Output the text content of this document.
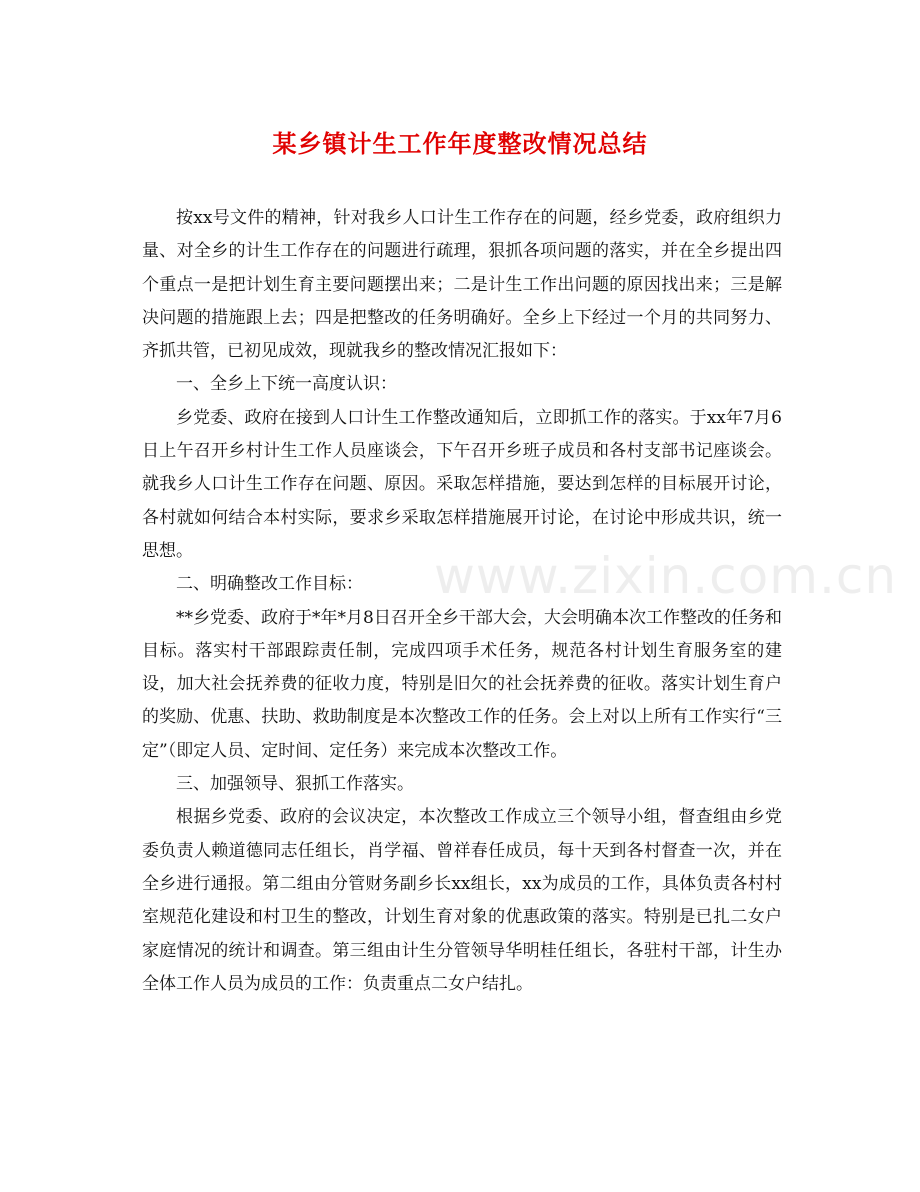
某乡镇计生工作年度整改情况总结

按xx号文件的精神，针对我乡人口计生工作存在的问题，经乡党委，政府组织力量、对全乡的计生工作存在的问题进行疏理，狠抓各项问题的落实，并在全乡提出四个重点一是把计划生育主要问题摆出来；二是计生工作出问题的原因找出来；三是解决问题的措施跟上去；四是把整改的任务明确好。全乡上下经过一个月的共同努力、齐抓共管，已初见成效，现就我乡的整改情况汇报如下：

一、全乡上下统一高度认识：

乡党委、政府在接到人口计生工作整改通知后，立即抓工作的落实。于xx年7月6日上午召开乡村计生工作人员座谈会，下午召开乡班子成员和各村支部书记座谈会。就我乡人口计生工作存在问题、原因。采取怎样措施，要达到怎样的目标展开讨论，各村就如何结合本村实际，要求乡采取怎样措施展开讨论，在讨论中形成共识，统一思想。

二、明确整改工作目标：

**乡党委、政府于*年*月8日召开全乡干部大会，大会明确本次工作整改的任务和目标。落实村干部跟踪责任制，完成四项手术任务，规范各村计划生育服务室的建设，加大社会抚养费的征收力度，特别是旧欠的社会抚养费的征收。落实计划生育户的奖励、优惠、扶助、救助制度是本次整改工作的任务。会上对以上所有工作实行“三定”（即定人员、定时间、定任务）来完成本次整改工作。

三、加强领导、狠抓工作落实。

根据乡党委、政府的会议决定，本次整改工作成立三个领导小组，督查组由乡党委负责人赖道德同志任组长，肖学福、曾祥春任成员，每十天到各村督查一次，并在全乡进行通报。第二组由分管财务副乡长xx组长，xx为成员的工作，具体负责各村村室规范化建设和村卫生的整改，计划生育对象的优惠政策的落实。特别是已扎二女户家庭情况的统计和调查。第三组由计生分管领导华明桂任组长，各驻村干部，计生办全体工作人员为成员的工作：负责重点二女户结扎。

www.zixin.com.cn
